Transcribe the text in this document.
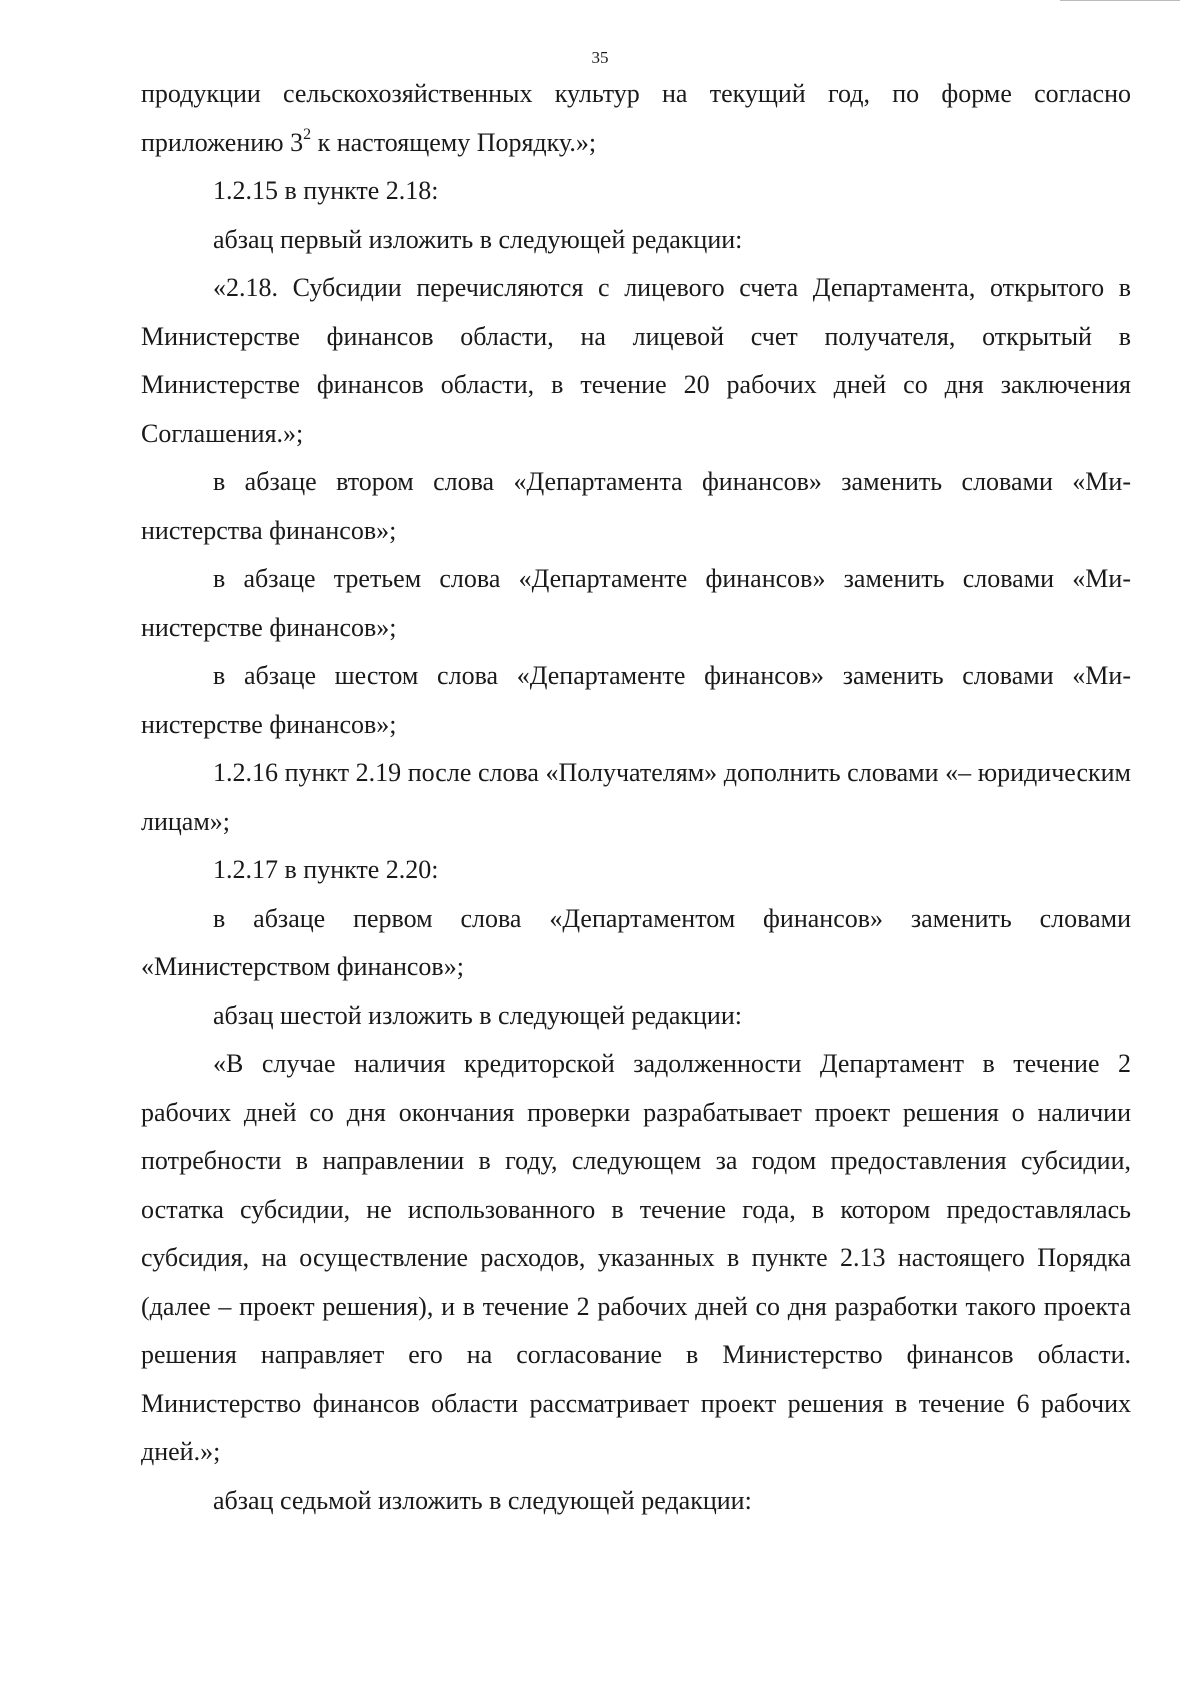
35

продукции сельскохозяйственных культур на текущий год, по форме согласно приложению $3^2$ к настоящему Порядку.»;

1.2.15 в пункте 2.18:

абзац первый изложить в следующей редакции:

«2.18. Субсидии перечисляются с лицевого счета Департамента, открытого в Министерстве финансов области, на лицевой счет получателя, открытый в Министерстве финансов области, в течение 20 рабочих дней со дня заключения Соглашения.»;

в абзаце втором слова «Департамента финансов» заменить словами «Министерства финансов»;

в абзаце третьем слова «Департаменте финансов» заменить словами «Министерстве финансов»;

в абзаце шестом слова «Департаменте финансов» заменить словами «Министерстве финансов»;

1.2.16 пункт 2.19 после слова «Получателям» дополнить словами «– юридическим лицам»;

1.2.17 в пункте 2.20:

в абзаце первом слова «Департаментом финансов» заменить словами «Министерством финансов»;

абзац шестой изложить в следующей редакции:

«В случае наличия кредиторской задолженности Департамент в течение 2 рабочих дней со дня окончания проверки разрабатывает проект решения о наличии потребности в направлении в году, следующем за годом предоставления субсидии, остатка субсидии, не использованного в течение года, в котором предоставлялась субсидия, на осуществление расходов, указанных в пункте 2.13 настоящего Порядка (далее – проект решения), и в течение 2 рабочих дней со дня разработки такого проекта решения направляет его на согласование в Министерство финансов области. Министерство финансов области рассматривает проект решения в течение 6 рабочих дней.»;

абзац седьмой изложить в следующей редакции:
